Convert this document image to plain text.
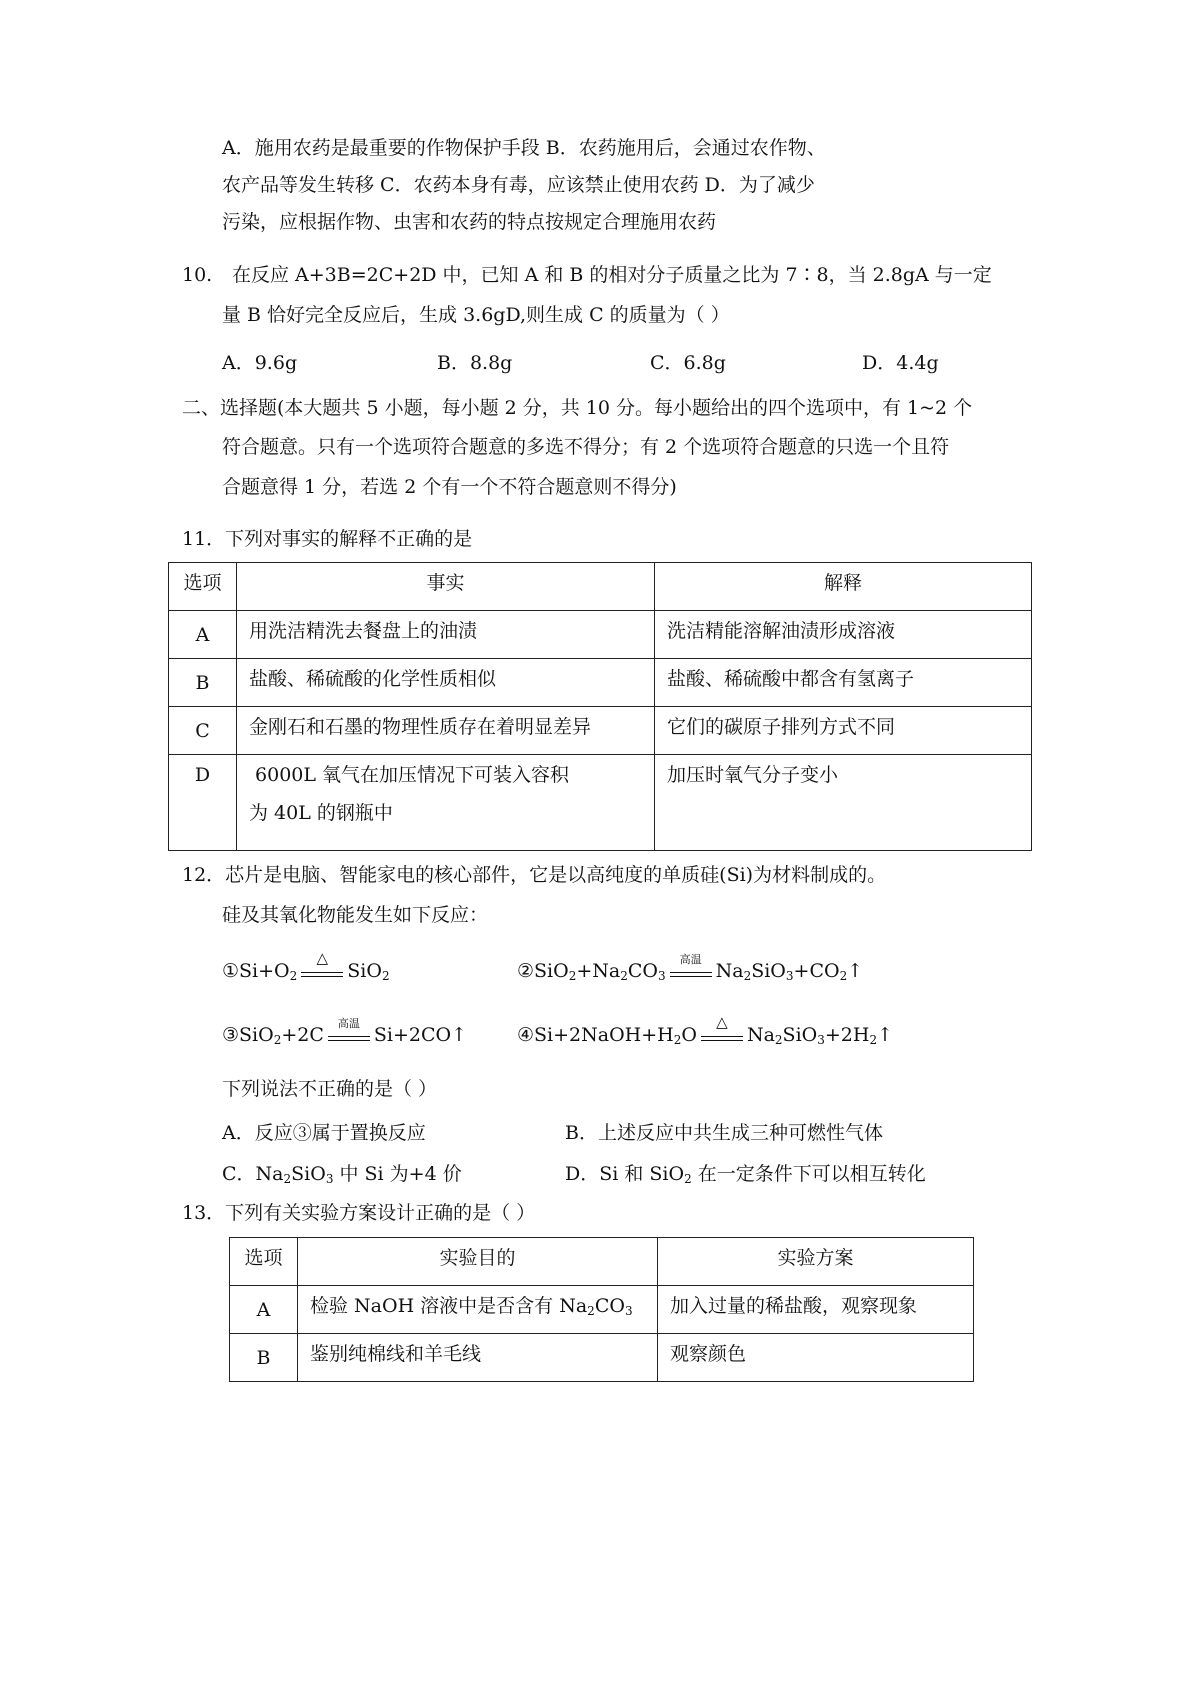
A．施用农药是最重要的作物保护手段 B．农药施用后，会通过农作物、
农产品等发生转移 C．农药本身有毒，应该禁止使用农药 D．为了减少
污染，应根据作物、虫害和农药的特点按规定合理施用农药
10. 在反应 A+3B=2C+2D 中，已知 A 和 B 的相对分子质量之比为 7∶8，当 2.8gA 与一定
量 B 恰好完全反应后，生成 3.6gD,则生成 C 的质量为（ ）
A．9.6g	B．8.8g	C．6.8g	D．4.4g
二、选择题(本大题共 5 小题，每小题 2 分，共 10 分。每小题给出的四个选项中，有 1~2 个
符合题意。只有一个选项符合题意的多选不得分；有 2 个选项符合题意的只选一个且符
合题意得 1 分，若选 2 个有一个不符合题意则不得分)
11．下列对事实的解释不正确的是
选项	事实	解释
A	用洗洁精洗去餐盘上的油渍	洗洁精能溶解油渍形成溶液
B	盐酸、稀硫酸的化学性质相似	盐酸、稀硫酸中都含有氢离子
C	金刚石和石墨的物理性质存在着明显差异	它们的碳原子排列方式不同
D	6000L 氧气在加压情况下可装入容积
为 40L 的钢瓶中	加压时氧气分子变小
12．芯片是电脑、智能家电的核心部件，它是以高纯度的单质硅(Si)为材料制成的。
硅及其氧化物能发生如下反应：
$①Si+O_2$
△
SiO$_2$	$②SiO_2+Na_2CO_3$
高温
$Na_2SiO_3+CO_2↑$
③SiO$_2$+2C
高温
Si+2CO↑	$④Si+2NaOH+H_2O$
△
$Na_2SiO_3+2H_2↑$
下列说法不正确的是（ ）
A．反应③属于置换反应	B．上述反应中共生成三种可燃性气体
C．$Na_2SiO_3$ 中 Si 为+4 价	D．Si 和 SiO$_2$ 在一定条件下可以相互转化
13．下列有关实验方案设计正确的是（ ）
选项	实验目的	实验方案
A	检验 NaOH 溶液中是否含有 $Na_2CO_3$	加入过量的稀盐酸，观察现象
B	鉴别纯棉线和羊毛线	观察颜色
